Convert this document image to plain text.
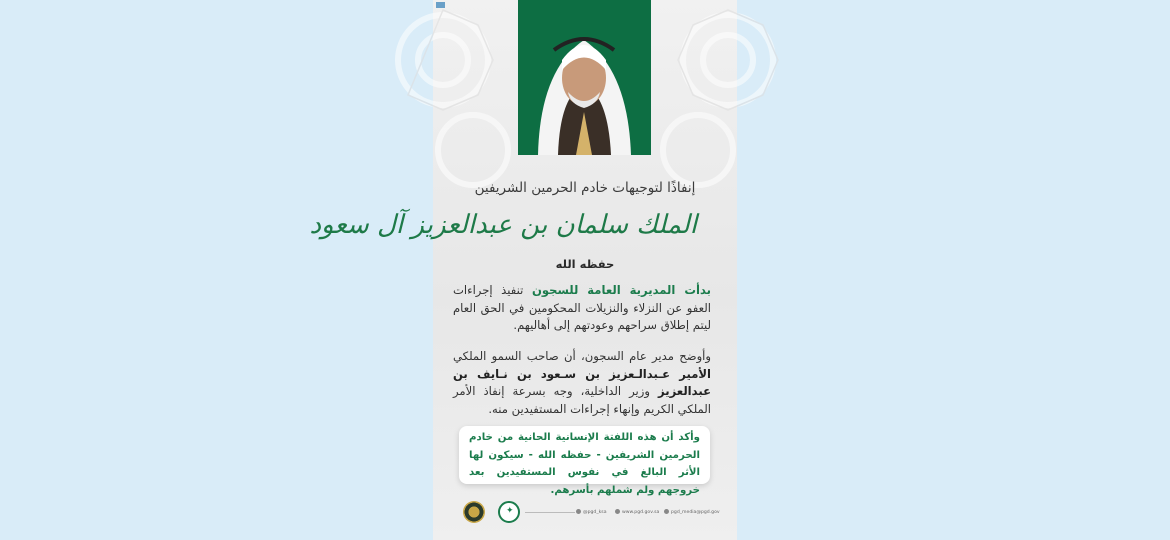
إنفاذًا لتوجيهات خادم الحرمين الشريفين
الملك سلمان بن عبدالعزيز آل سعود
حفظه الله
بدأت المديرية العامة للسجون تنفيذ إجراءات العفو عن النزلاء والنزيلات المحكومين في الحق العام ليتم إطلاق سراحهم وعودتهم إلى أهاليهم.
وأوضح مدير عام السجون، أن صاحب السمو الملكي الأمير عـبدالـعزيز بن سـعود بن نـايف بن عبدالعزيز وزير الداخلية، وجه بسرعة إنفاذ الأمر الملكي الكريم وإنهاء إجراءات المستفيدين منه.
وأكد أن هذه اللفتة الإنسانية الحانية من خادم الحرمين الشريفين - حفظه الله - سيكون لها الأثر البالغ في نفوس المستفيدين بعد خروجهم ولم شملهم بأسرهم.
✦	@pgd_ksa	www.pgd.gov.sa	pgd_media@pgd.gov
